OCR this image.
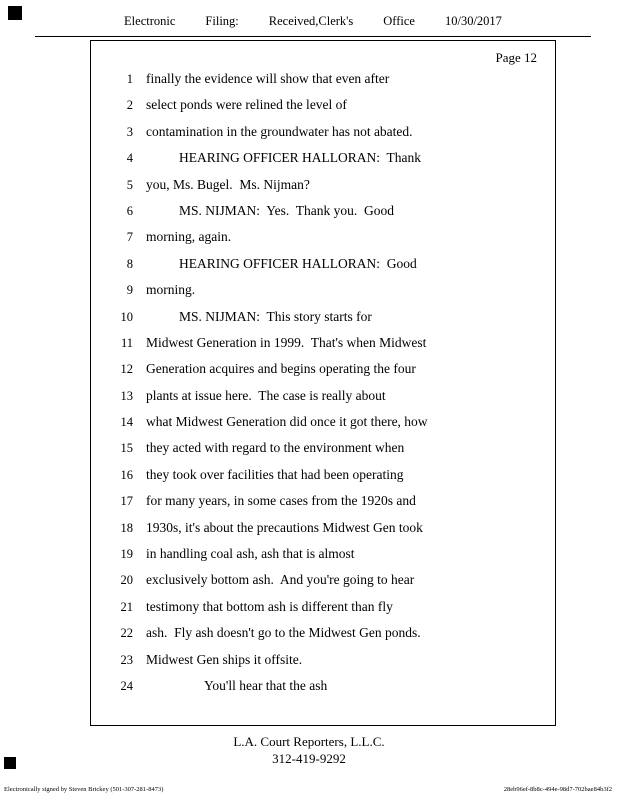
Electronic Filing: Received,Clerk's Office 10/30/2017
Page 12
1 finally the evidence will show that even after
2 select ponds were relined the level of
3 contamination in the groundwater has not abated.
4	HEARING OFFICER HALLORAN:  Thank
5 you, Ms. Bugel.  Ms. Nijman?
6	MS. NIJMAN:  Yes.  Thank you.  Good
7 morning, again.
8	HEARING OFFICER HALLORAN:  Good
9 morning.
10	MS. NIJMAN:  This story starts for
11 Midwest Generation in 1999.  That's when Midwest
12 Generation acquires and begins operating the four
13 plants at issue here.  The case is really about
14 what Midwest Generation did once it got there, how
15 they acted with regard to the environment when
16 they took over facilities that had been operating
17 for many years, in some cases from the 1920s and
18 1930s, it's about the precautions Midwest Gen took
19 in handling coal ash, ash that is almost
20 exclusively bottom ash.  And you're going to hear
21 testimony that bottom ash is different than fly
22 ash.  Fly ash doesn't go to the Midwest Gen ponds.
23 Midwest Gen ships it offsite.
24	You'll hear that the ash
L.A. Court Reporters, L.L.C.
312-419-9292
Electronically signed by Steven Brickey (501-307-281-8473)	28eb96ef-8b8c-494e-98d7-702bae84b3f2
